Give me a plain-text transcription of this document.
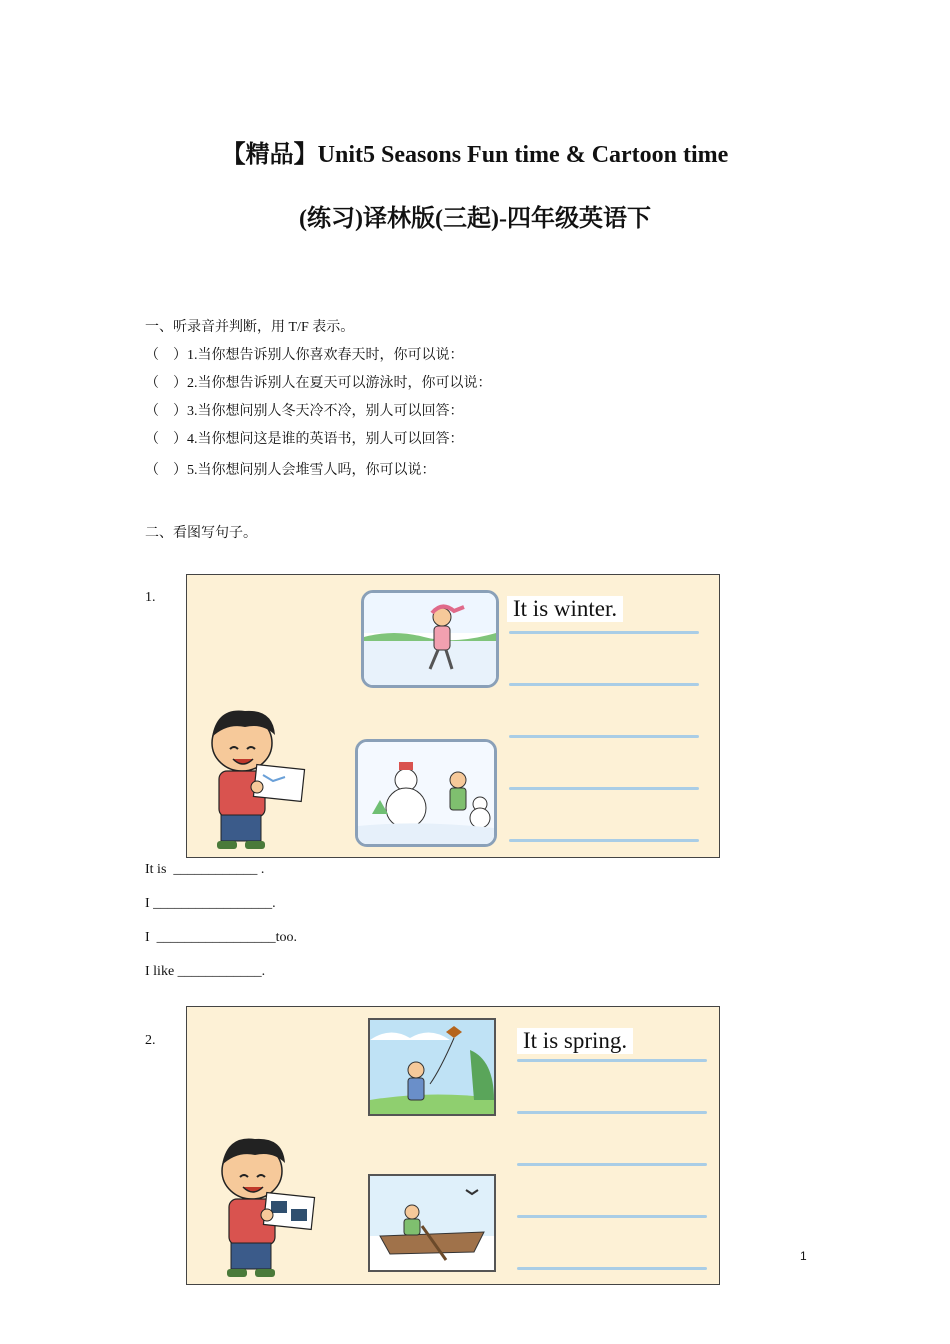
【精品】Unit5 Seasons Fun time & Cartoon time
(练习)译林版(三起)-四年级英语下
一、听录音并判断，用 T/F 表示。
（    ）1.当你想告诉别人你喜欢春天时，你可以说：
（    ）2.当你想告诉别人在夏天可以游泳时，你可以说：
（    ）3.当你想问别人冬天冷不冷，别人可以回答：
（    ）4.当你想问这是谁的英语书，别人可以回答：
（    ）5.当你想问别人会堆雪人吗，你可以说：
二、看图写句子。
1.	It is winter.
It is  ____________ .
I _________________.
I  _________________too.
I like ____________.
2.	It is spring.
1
